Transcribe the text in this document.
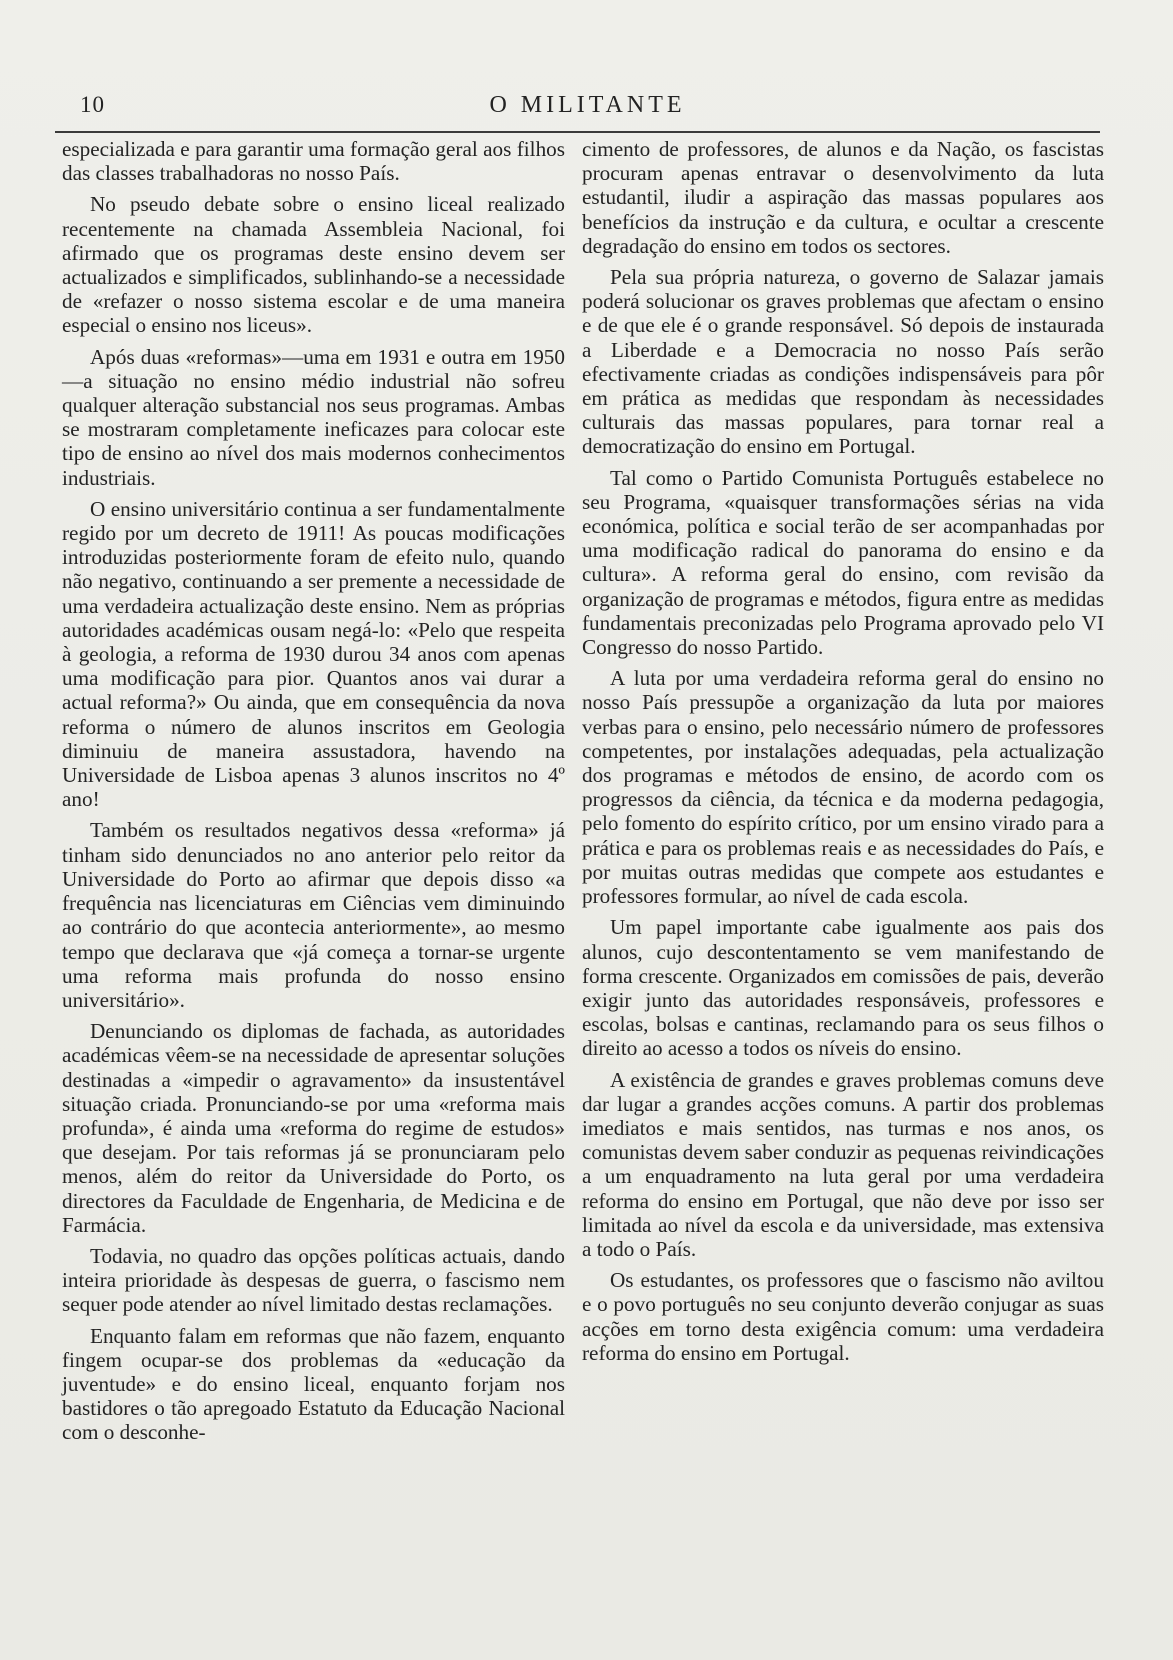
10	O MILITANTE

especializada e para garantir uma formação geral aos filhos das classes trabalhadoras no nosso País.

No pseudo debate sobre o ensino liceal realizado recentemente na chamada Assembleia Nacional, foi afirmado que os programas deste ensino devem ser actualizados e simplificados, sublinhando-se a necessidade de «refazer o nosso sistema escolar e de uma maneira especial o ensino nos liceus».

Após duas «reformas»—uma em 1931 e outra em 1950—a situação no ensino médio industrial não sofreu qualquer alteração substancial nos seus programas. Ambas se mostraram completamente ineficazes para colocar este tipo de ensino ao nível dos mais modernos conhecimentos industriais.

O ensino universitário continua a ser fundamentalmente regido por um decreto de 1911! As poucas modificações introduzidas posteriormente foram de efeito nulo, quando não negativo, continuando a ser premente a necessidade de uma verdadeira actualização deste ensino. Nem as próprias autoridades académicas ousam negá-lo: «Pelo que respeita à geologia, a reforma de 1930 durou 34 anos com apenas uma modificação para pior. Quantos anos vai durar a actual reforma?» Ou ainda, que em consequência da nova reforma o número de alunos inscritos em Geologia diminuiu de maneira assustadora, havendo na Universidade de Lisboa apenas 3 alunos inscritos no 4º ano!

Também os resultados negativos dessa «reforma» já tinham sido denunciados no ano anterior pelo reitor da Universidade do Porto ao afirmar que depois disso «a frequência nas licenciaturas em Ciências vem diminuindo ao contrário do que acontecia anteriormente», ao mesmo tempo que declarava que «já começa a tornar-se urgente uma reforma mais profunda do nosso ensino universitário».

Denunciando os diplomas de fachada, as autoridades académicas vêem-se na necessidade de apresentar soluções destinadas a «impedir o agravamento» da insustentável situação criada. Pronunciando-se por uma «reforma mais profunda», é ainda uma «reforma do regime de estudos» que desejam. Por tais reformas já se pronunciaram pelo menos, além do reitor da Universidade do Porto, os directores da Faculdade de Engenharia, de Medicina e de Farmácia.

Todavia, no quadro das opções políticas actuais, dando inteira prioridade às despesas de guerra, o fascismo nem sequer pode atender ao nível limitado destas reclamações.

Enquanto falam em reformas que não fazem, enquanto fingem ocupar-se dos problemas da «educação da juventude» e do ensino liceal, enquanto forjam nos bastidores o tão apregoado Estatuto da Educação Nacional com o desconhe-

cimento de professores, de alunos e da Nação, os fascistas procuram apenas entravar o desenvolvimento da luta estudantil, iludir a aspiração das massas populares aos benefícios da instrução e da cultura, e ocultar a crescente degradação do ensino em todos os sectores.

Pela sua própria natureza, o governo de Salazar jamais poderá solucionar os graves problemas que afectam o ensino e de que ele é o grande responsável. Só depois de instaurada a Liberdade e a Democracia no nosso País serão efectivamente criadas as condições indispensáveis para pôr em prática as medidas que respondam às necessidades culturais das massas populares, para tornar real a democratização do ensino em Portugal.

Tal como o Partido Comunista Português estabelece no seu Programa, «quaisquer transformações sérias na vida económica, política e social terão de ser acompanhadas por uma modificação radical do panorama do ensino e da cultura». A reforma geral do ensino, com revisão da organização de programas e métodos, figura entre as medidas fundamentais preconizadas pelo Programa aprovado pelo VI Congresso do nosso Partido.

A luta por uma verdadeira reforma geral do ensino no nosso País pressupõe a organização da luta por maiores verbas para o ensino, pelo necessário número de professores competentes, por instalações adequadas, pela actualização dos programas e métodos de ensino, de acordo com os progressos da ciência, da técnica e da moderna pedagogia, pelo fomento do espírito crítico, por um ensino virado para a prática e para os problemas reais e as necessidades do País, e por muitas outras medidas que compete aos estudantes e professores formular, ao nível de cada escola.

Um papel importante cabe igualmente aos pais dos alunos, cujo descontentamento se vem manifestando de forma crescente. Organizados em comissões de pais, deverão exigir junto das autoridades responsáveis, professores e escolas, bolsas e cantinas, reclamando para os seus filhos o direito ao acesso a todos os níveis do ensino.

A existência de grandes e graves problemas comuns deve dar lugar a grandes acções comuns. A partir dos problemas imediatos e mais sentidos, nas turmas e nos anos, os comunistas devem saber conduzir as pequenas reivindicações a um enquadramento na luta geral por uma verdadeira reforma do ensino em Portugal, que não deve por isso ser limitada ao nível da escola e da universidade, mas extensiva a todo o País.

Os estudantes, os professores que o fascismo não aviltou e o povo português no seu conjunto deverão conjugar as suas acções em torno desta exigência comum: uma verdadeira reforma do ensino em Portugal.
